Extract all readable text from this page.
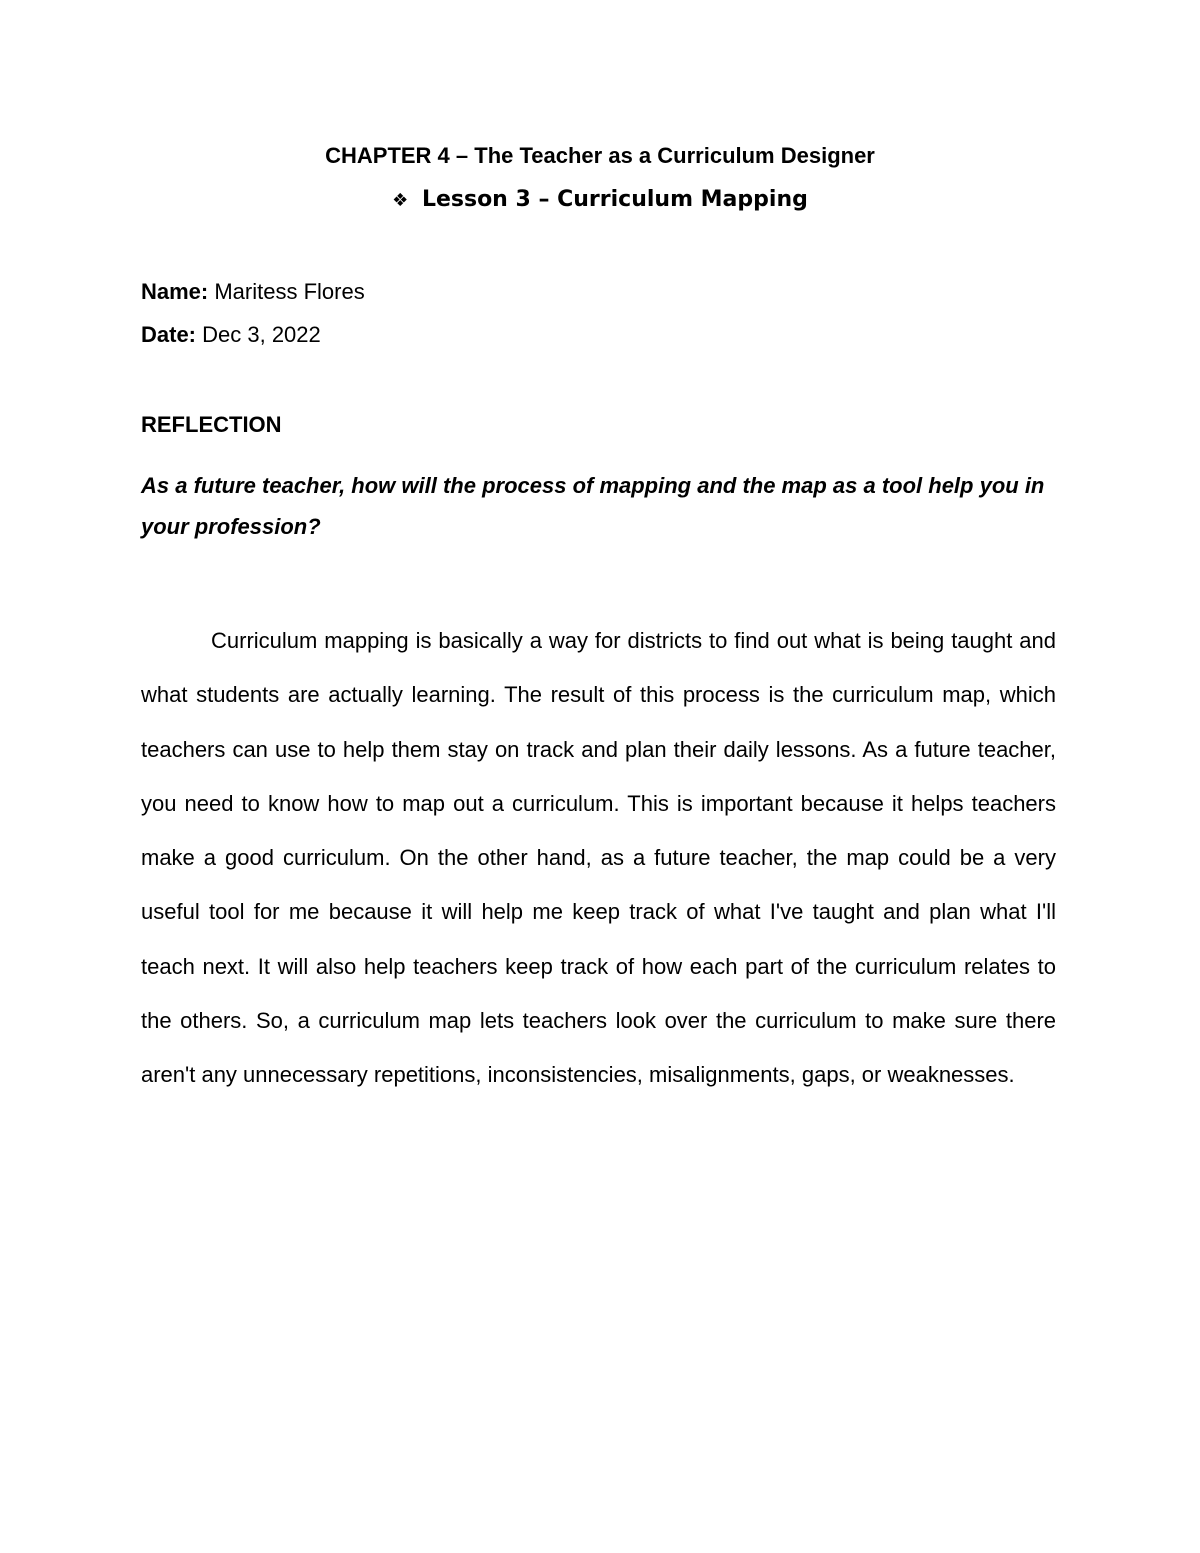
CHAPTER 4 – The Teacher as a Curriculum Designer
❖ Lesson 3 – Curriculum Mapping
Name: Maritess Flores
Date: Dec 3, 2022
REFLECTION
As a future teacher, how will the process of mapping and the map as a tool help you in your profession?

Curriculum mapping is basically a way for districts to find out what is being taught and what students are actually learning. The result of this process is the curriculum map, which teachers can use to help them stay on track and plan their daily lessons. As a future teacher, you need to know how to map out a curriculum. This is important because it helps teachers make a good curriculum. On the other hand, as a future teacher, the map could be a very useful tool for me because it will help me keep track of what I've taught and plan what I'll teach next. It will also help teachers keep track of how each part of the curriculum relates to the others. So, a curriculum map lets teachers look over the curriculum to make sure there aren't any unnecessary repetitions, inconsistencies, misalignments, gaps, or weaknesses.
